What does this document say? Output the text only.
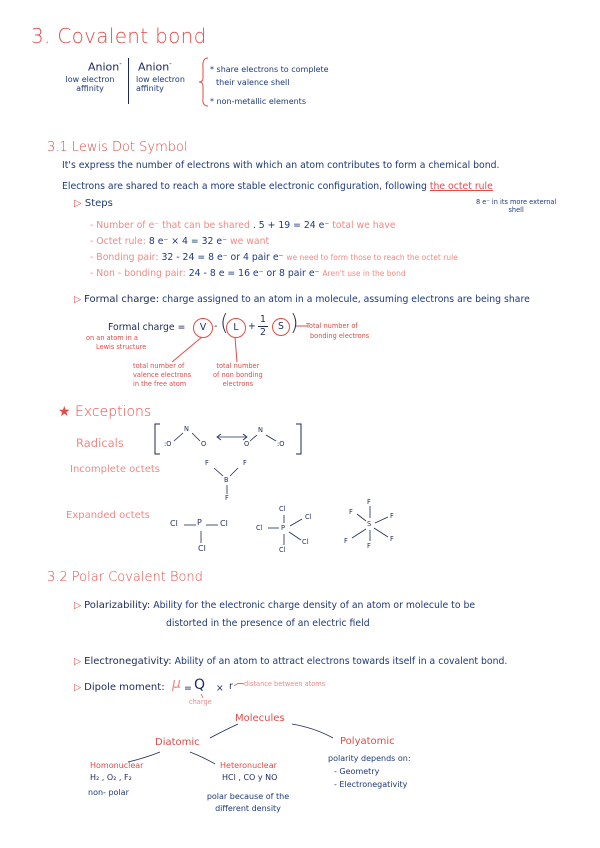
3. Covalent bond
Anion-
low electron
affinity
Anion-
low electron
affinity
* share electrons to complete
their valence shell
* non-metallic elements
3.1 Lewis Dot Symbol
It's express the number of electrons with which an atom contributes to form a chemical bond.
Electrons are shared to reach a more stable electronic configuration, following the octet rule
8 e⁻ in its more external
shell
▷ Steps
- Number of e⁻ that can be shared . 5 + 19 = 24 e⁻ total we have
- Octet rule: 8 e⁻ × 4 = 32 e⁻ we want
- Bonding pair: 32 - 24 = 8 e⁻ or 4 pair e⁻ we need to form those to reach the octet rule
- Non - bonding pair: 24 - 8 e = 16 e⁻ or 8 pair e⁻ Aren't use in the bond
▷ Formal charge: charge assigned to an atom in a molecule, assuming electrons are being share
Formal charge =	V - ( L	+
1
2
S ) Total number of
bonding electrons
on an atom in a
Lewis structure
total number of
valence electrons
in the free atom
total number
of non bonding
electrons
★ Exceptions
Radicals
Incomplete octets
Expanded octets
:O
N
O
N
O	:O
F	F
B
F
Cl P Cl
Cl
Cl
Cl	P
Cl
Cl
Cl
F
F
S
F
F
F
F
3.2 Polar Covalent Bond
▷ Polarizability: Ability for the electronic charge density of an atom or molecule to be
distorted in the presence of an electric field
▷ Electronegativity: Ability of an atom to attract electrons towards itself in a covalent bond.
▷ Dipole moment: μ = Q × r distance between atoms
charge
Molecules
Diatomic	Polyatomic
Homonuclear
H₂ , O₂ , F₂
non- polar
Heteronuclear
HCl , CO y NO
polar because of the
different density
polarity depends on:
- Geometry
- Electronegativity
